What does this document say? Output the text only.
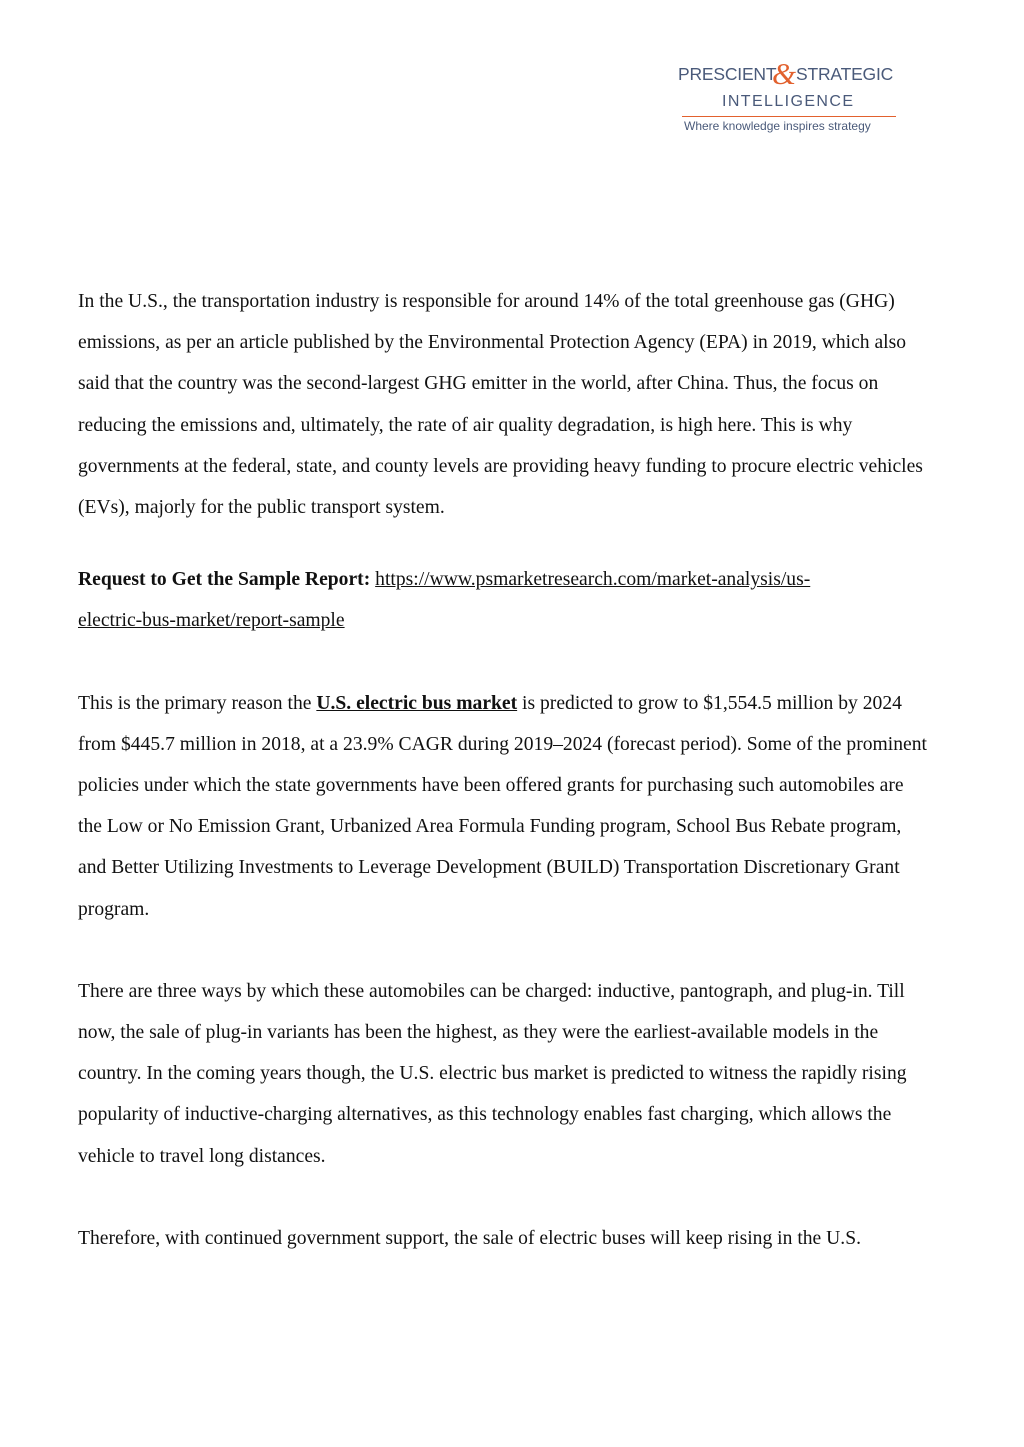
PRESCIENT
& STRATEGIC
INTELLIGENCE
Where knowledge inspires strategy

In the U.S., the transportation industry is responsible for around 14% of the total greenhouse gas (GHG) emissions, as per an article published by the Environmental Protection Agency (EPA) in 2019, which also said that the country was the second-largest GHG emitter in the world, after China. Thus, the focus on reducing the emissions and, ultimately, the rate of air quality degradation, is high here. This is why governments at the federal, state, and county levels are providing heavy funding to procure electric vehicles (EVs), majorly for the public transport system.

Request to Get the Sample Report: https://www.psmarketresearch.com/market-analysis/us-
electric-bus-market/report-sample

This is the primary reason the U.S. electric bus market is predicted to grow to $1,554.5 million by 2024 from $445.7 million in 2018, at a 23.9% CAGR during 2019–2024 (forecast period). Some of the prominent policies under which the state governments have been offered grants for purchasing such automobiles are the Low or No Emission Grant, Urbanized Area Formula Funding program, School Bus Rebate program, and Better Utilizing Investments to Leverage Development (BUILD) Transportation Discretionary Grant program.

There are three ways by which these automobiles can be charged: inductive, pantograph, and plug-in. Till now, the sale of plug-in variants has been the highest, as they were the earliest-available models in the country. In the coming years though, the U.S. electric bus market is predicted to witness the rapidly rising popularity of inductive-charging alternatives, as this technology enables fast charging, which allows the vehicle to travel long distances.

Therefore, with continued government support, the sale of electric buses will keep rising in the U.S.
